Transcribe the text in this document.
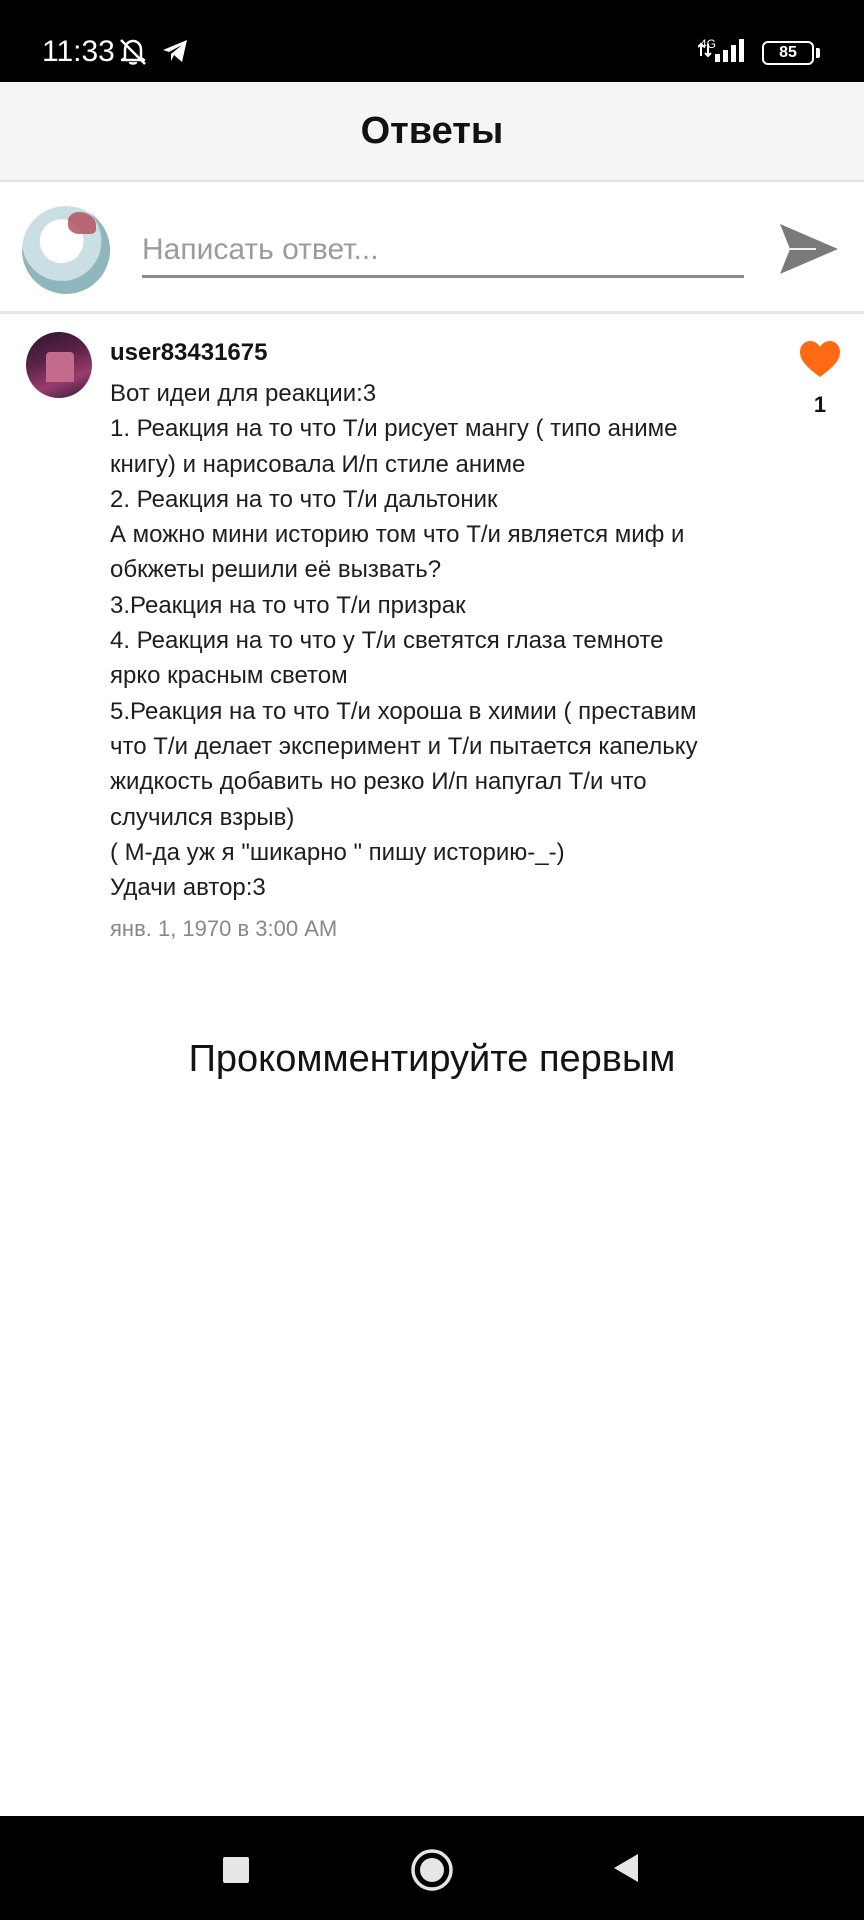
11:33	4G	85
Ответы
Написать ответ...
user83431675
Вот идеи для реакции:3
1. Реакция на то что Т/и рисует мангу ( типо аниме
книгу) и нарисовала И/п стиле аниме
2. Реакция на то что Т/и дальтоник
А можно мини историю том что Т/и является миф и
обкжеты решили её вызвать?
3.Реакция на то что Т/и призрак
4. Реакция на то что у Т/и светятся глаза темноте
ярко красным светом
5.Реакция на то что Т/и хороша в химии ( преставим
что Т/и делает эксперимент и Т/и пытается капельку
жидкость добавить но резко И/п напугал Т/и что
случился взрыв)
( М-да уж я "шикарно " пишу историю-_-)
Удачи автор:3
янв. 1, 1970 в 3:00 AM
1
Прокомментируйте первым
